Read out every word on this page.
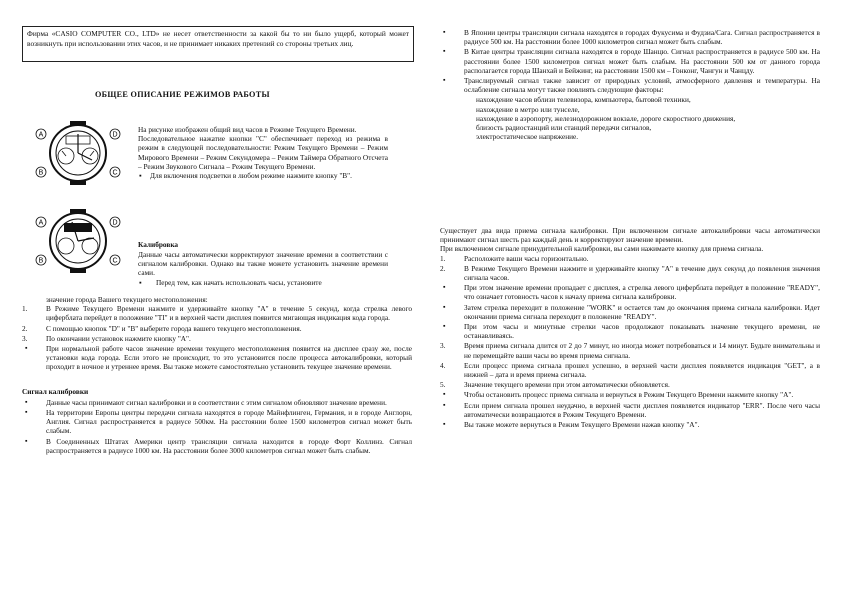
Фирма «CASIO COMPUTER CO., LTD» не несет ответственности за какой бы то ни было ущерб, который может возникнуть при использовании этих часов, и не принимает никаких претензий со стороны третьих лиц.
ОБЩЕЕ ОПИСАНИЕ РЕЖИМОВ РАБОТЫ
A
B
D
C
A
B
D
C

На рисунке изображен общий вид часов в Режиме Текущего Времени.

Последовательное нажатие кнопки "С" обеспечивает переход из режима в режим в следующей последовательности: Режим Текущего Времени – Режим Мирового Времени – Режим Секундомера – Режим Таймера Обратного Отсчета – Режим Звукового Сигнала – Режим Текущего Времени.

▪ Для включения подсветки в любом режиме нажмите кнопку "В".

Калибровка

Данные часы автоматически корректируют значение времени в соответствии с сигналом калибровки. Однако вы также можете установить значение времени сами.

▪ Перед тем, как начать использовать часы, установите

значение города Вашего текущего местоположения:

1.	В Режиме Текущего Времени нажмите и удерживайте кнопку "А" в течение 5 секунд, когда стрелка левого циферблата перейдет в положение "TI" и в верхней части дисплея появится мигающая индикация кода города.
2.	С помощью кнопок "D" и "B" выберите города вашего текущего местоположения.
3.	По окончании установок нажмите кнопку "А".
▪	При нормальной работе часов значение времени текущего местоположения появится на дисплее сразу же, после установки кода города. Если этого не происходит, то это установится после процесса автокалибровки, который проходит в ночное и утреннее время. Вы также можете самостоятельно установить текущее значение времени.
Сигнал калибровки
▪	Данные часы принимают сигнал калибровки и в соответствии с этим сигналом обновляют значение времени.
▪	На территории Европы центры передачи сигнала находятся в городе Майнфлинген, Германия, и в городе Англорн, Англия. Сигнал распространяется в радиусе 500км. На расстоянии более 1500 километров сигнал может быть слабым.
▪	В Соединенных Штатах Америки центр трансляции сигнала находится в городе Форт Коллинз. Сигнал распространяется в радиусе 1000 км. На расстоянии более 3000 километров сигнал может быть слабым.
▪	В Японии центры трансляции сигнала находятся в городах Фукусима и Фудзиа/Сага. Сигнал распространяется в радиусе 500 км. На расстоянии более 1000 километров сигнал может быть слабым.
▪	В Китае центры трансляции сигнала находятся в городе Шанцю. Сигнал распространяется в радиусе 500 км. На расстоянии более 1500 километров сигнал может быть слабым. На расстоянии 500 км от данного города располагается города Шанхай и Бейжинг, на расстоянии 1500 км – Гонконг, Чангун и Чанцду.
▪	Транслируемый сигнал также зависит от природных условий, атмосферного давления и температуры. На ослабление сигнала могут также повлиять следующие факторы:
нахождение часов вблизи телевизора, компьютера, бытовой техники,
нахождение в метро или тунселе,
нахождение в аэропорту, железнодорожном вокзале, дороге скоростного движения,
близость радиостанций или станций передачи сигналов,
электростатическое напряжение.

Существует два вида приема сигнала калибровки. При включенном сигнале автокалибровки часы автоматически принимают сигнал шесть раз каждый день и корректируют значение времени.

При включенном сигнале принудительной калибровки, вы сами нажимаете кнопку для приема сигнала.

1.	Расположите ваши часы горизонтально.
2.	В Режиме Текущего Времени нажмите и удерживайте кнопку "А" в течение двух секунд до появления значения сигнала часов.
▪	При этом значение времени пропадает с дисплея, а стрелка левого циферблата перейдет в положение "READY", что означает готовность часов к началу приема сигнала калибровки.
▪	Затем стрелка переходит в положение "WORK" и остается там до окончания приема сигнала калибровки. Идет окончании приема сигнала переходит в положение "READY".
▪	При этом часы и минутные стрелки часов продолжают показывать значение текущего времени, не останавливаясь.
3.	Время приема сигнала длится от 2 до 7 минут, но иногда может потребоваться и 14 минут. Будьте внимательны и не перемещайте ваши часы во время приема сигнала.
4.	Если процесс приема сигнала прошел успешно, в верхней части дисплея появляется индикация "GET", а в нижней – дата и время приема сигнала.
5.	Значение текущего времени при этом автоматически обновляется.
▪	Чтобы остановить процесс приема сигнала и вернуться в Режим Текущего Времени нажмите кнопку "А".
▪	Если прием сигнала прошел неудачно, в верхней части дисплея появляется индикатор "ERR". После чего часы автоматически возвращаются в Режим Текущего Времени.
▪	Вы также можете вернуться в Режим Текущего Времени нажав кнопку "А".
